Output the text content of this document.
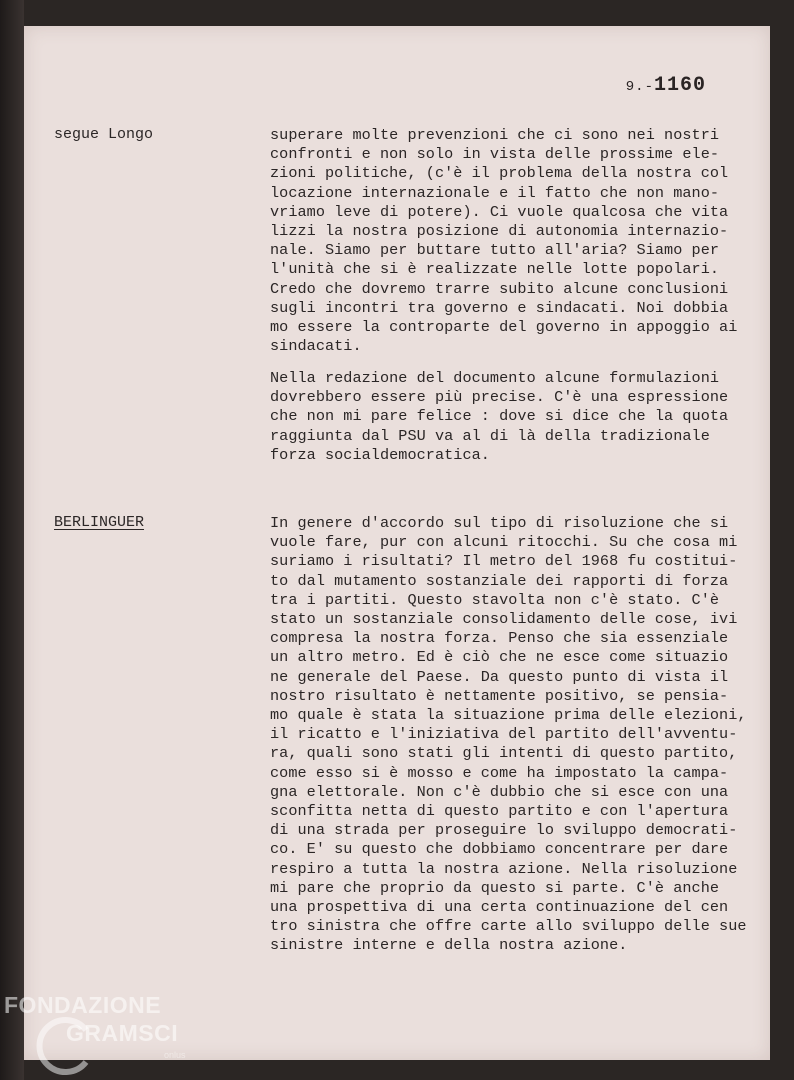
9.-1160
segue Longo	superare molte prevenzioni che ci sono nei nostri
confronti e non solo in vista delle prossime ele-
zioni politiche, (c'è il problema della nostra col
locazione internazionale e il fatto che non mano-
vriamo leve di potere). Ci vuole qualcosa che vita
lizzi la nostra posizione di autonomia internazio-
nale. Siamo per buttare tutto all'aria? Siamo per
l'unità che si è realizzate nelle lotte popolari.
Credo che dovremo trarre subito alcune conclusioni
sugli incontri tra governo e sindacati. Noi dobbia
mo essere la controparte del governo in appoggio ai
sindacati.
Nella redazione del documento alcune formulazioni
dovrebbero essere più precise. C'è una espressione
che non mi pare felice : dove si dice che la quota
raggiunta dal PSU va al di là della tradizionale
forza socialdemocratica.
BERLINGUER	In genere d'accordo sul tipo di risoluzione che si
vuole fare, pur con alcuni ritocchi. Su che cosa mi
suriamo i risultati? Il metro del 1968 fu costitui-
to dal mutamento sostanziale dei rapporti di forza
tra i partiti. Questo stavolta non c'è stato. C'è
stato un sostanziale consolidamento delle cose, ivi
compresa la nostra forza. Penso che sia essenziale
un altro metro. Ed è ciò che ne esce come situazio
ne generale del Paese. Da questo punto di vista il
nostro risultato è nettamente positivo, se pensia-
mo quale è stata la situazione prima delle elezioni,
il ricatto e l'iniziativa del partito dell'avventu-
ra, quali sono stati gli intenti di questo partito,
come esso si è mosso e come ha impostato la campa-
gna elettorale. Non c'è dubbio che si esce con una
sconfitta netta di questo partito e con l'apertura
di una strada per proseguire lo sviluppo democrati-
co. E' su questo che dobbiamo concentrare per dare
respiro a tutta la nostra azione. Nella risoluzione
mi pare che proprio da questo si parte. C'è anche
una prospettiva di una certa continuazione del cen
tro sinistra che offre carte allo sviluppo delle sue
sinistre interne e della nostra azione.
FONDAZIONE
GRAMSCI
onlus
